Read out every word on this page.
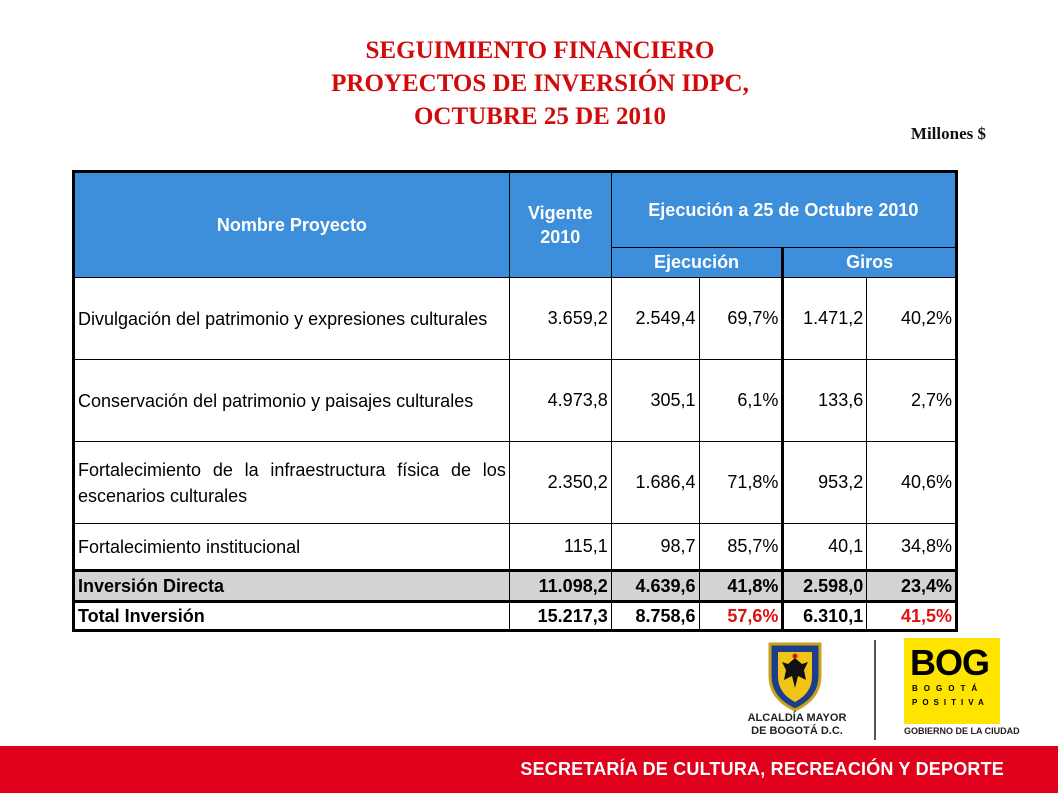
SEGUIMIENTO FINANCIERO
PROYECTOS DE INVERSIÓN IDPC,
OCTUBRE 25 DE 2010
Millones $
Nombre Proyecto	Vigente 2010	Ejecución a 25 de Octubre 2010			
		Ejecución		Giros	
Divulgación del patrimonio y expresiones culturales	3.659,2	2.549,4	69,7%	1.471,2	40,2%
Conservación del patrimonio y paisajes culturales	4.973,8	305,1	6,1%	133,6	2,7%
Fortalecimiento de la infraestructura física de los escenarios culturales	2.350,2	1.686,4	71,8%	953,2	40,6%
Fortalecimiento institucional	115,1	98,7	85,7%	40,1	34,8%
Inversión Directa	11.098,2	4.639,6	41,8%	2.598,0	23,4%
Total Inversión	15.217,3	8.758,6	57,6%	6.310,1	41,5%
ALCALDÍA MAYOR
DE BOGOTÁ D.C.
BOG
BOGOTÁ
POSITIVA
GOBIERNO DE LA CIUDAD
SECRETARÍA DE CULTURA, RECREACIÓN Y DEPORTE
